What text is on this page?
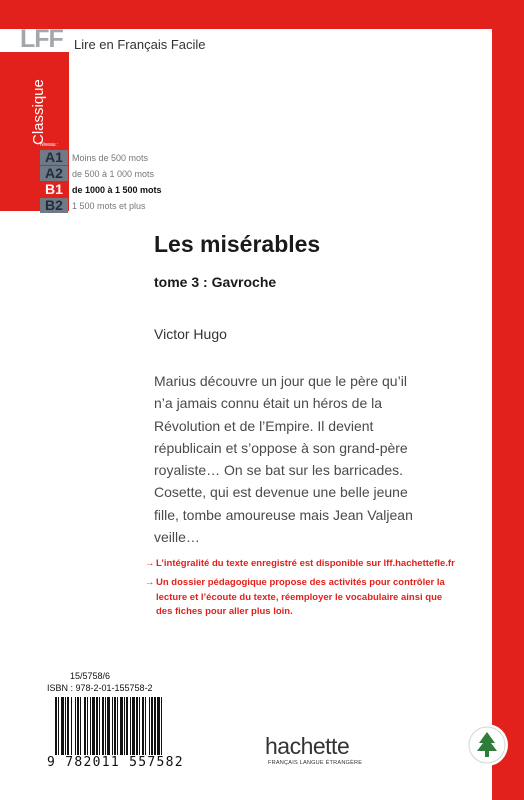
LFF Lire en Français Facile
Classique
Niveau :
A1
A2
B1
B2
Moins de 500 mots
de 500 à 1 000 mots
de 1000 à 1 500 mots
1 500 mots et plus
Les misérables
tome 3 : Gavroche
Victor Hugo
Marius découvre un jour que le père qu’il n’a jamais connu était un héros de la Révolution et de l’Empire. Il devient républicain et s’oppose à son grand-père royaliste… On se bat sur les barricades. Cosette, qui est devenue une belle jeune fille, tombe amoureuse mais Jean Valjean veille…
→ L’intégralité du texte enregistré est disponible sur lff.hachettefle.fr
→ Un dossier pédagogique propose des activités pour contrôler la lecture et l’écoute du texte, réemployer le vocabulaire ainsi que des fiches pour aller plus loin.
15/5758/6
ISBN : 978-2-01-155758-2
9 782011 557582
hachette
FRANÇAIS LANGUE ÉTRANGÈRE
